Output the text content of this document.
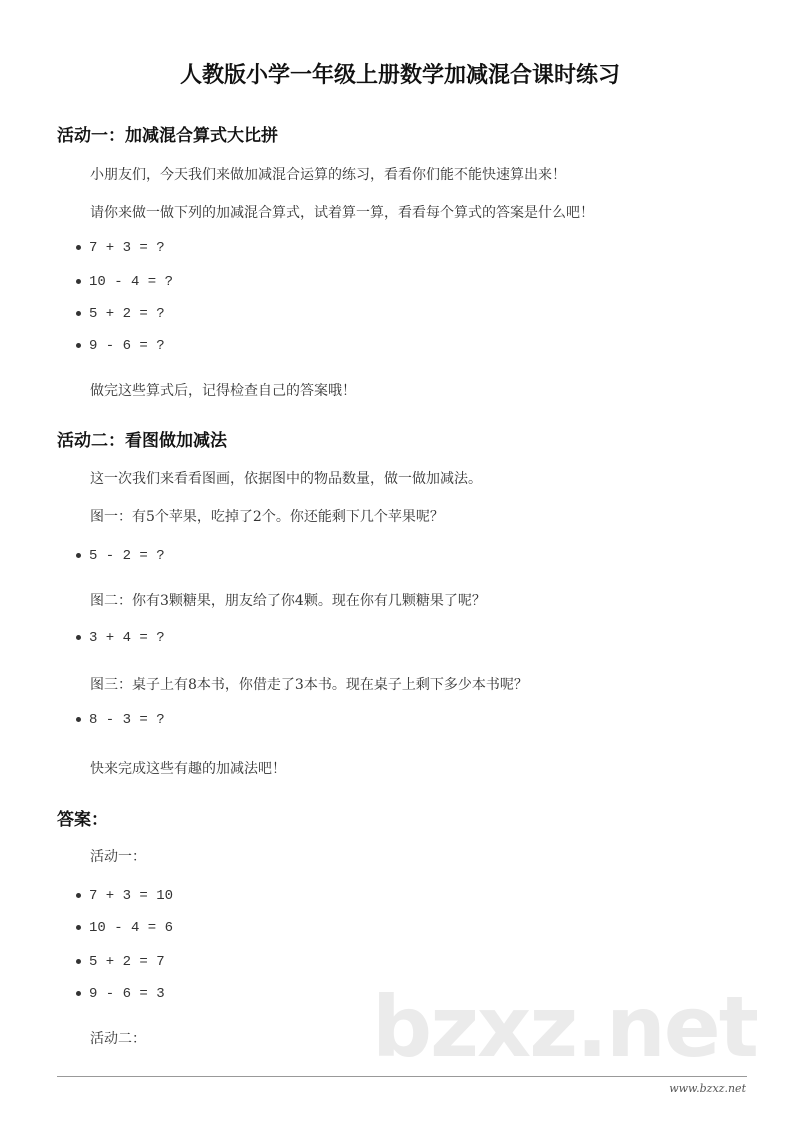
人教版小学一年级上册数学加减混合课时练习
活动一：加减混合算式大比拼
小朋友们，今天我们来做加减混合运算的练习，看看你们能不能快速算出来！
请你来做一做下列的加减混合算式，试着算一算，看看每个算式的答案是什么吧！
7 + 3 = ?
10 - 4 = ?
5 + 2 = ?
9 - 6 = ?
做完这些算式后，记得检查自己的答案哦！
活动二：看图做加减法
这一次我们来看看图画，依据图中的物品数量，做一做加减法。
图一：有5个苹果，吃掉了2个。你还能剩下几个苹果呢？
5 - 2 = ?
图二：你有3颗糖果，朋友给了你4颗。现在你有几颗糖果了呢？
3 + 4 = ?
图三：桌子上有8本书，你借走了3本书。现在桌子上剩下多少本书呢？
8 - 3 = ?
快来完成这些有趣的加减法吧！
答案：
活动一：
7 + 3 = 10
10 - 4 = 6
5 + 2 = 7
9 - 6 = 3 bzxz.net
活动二：
www.bzxz.net
